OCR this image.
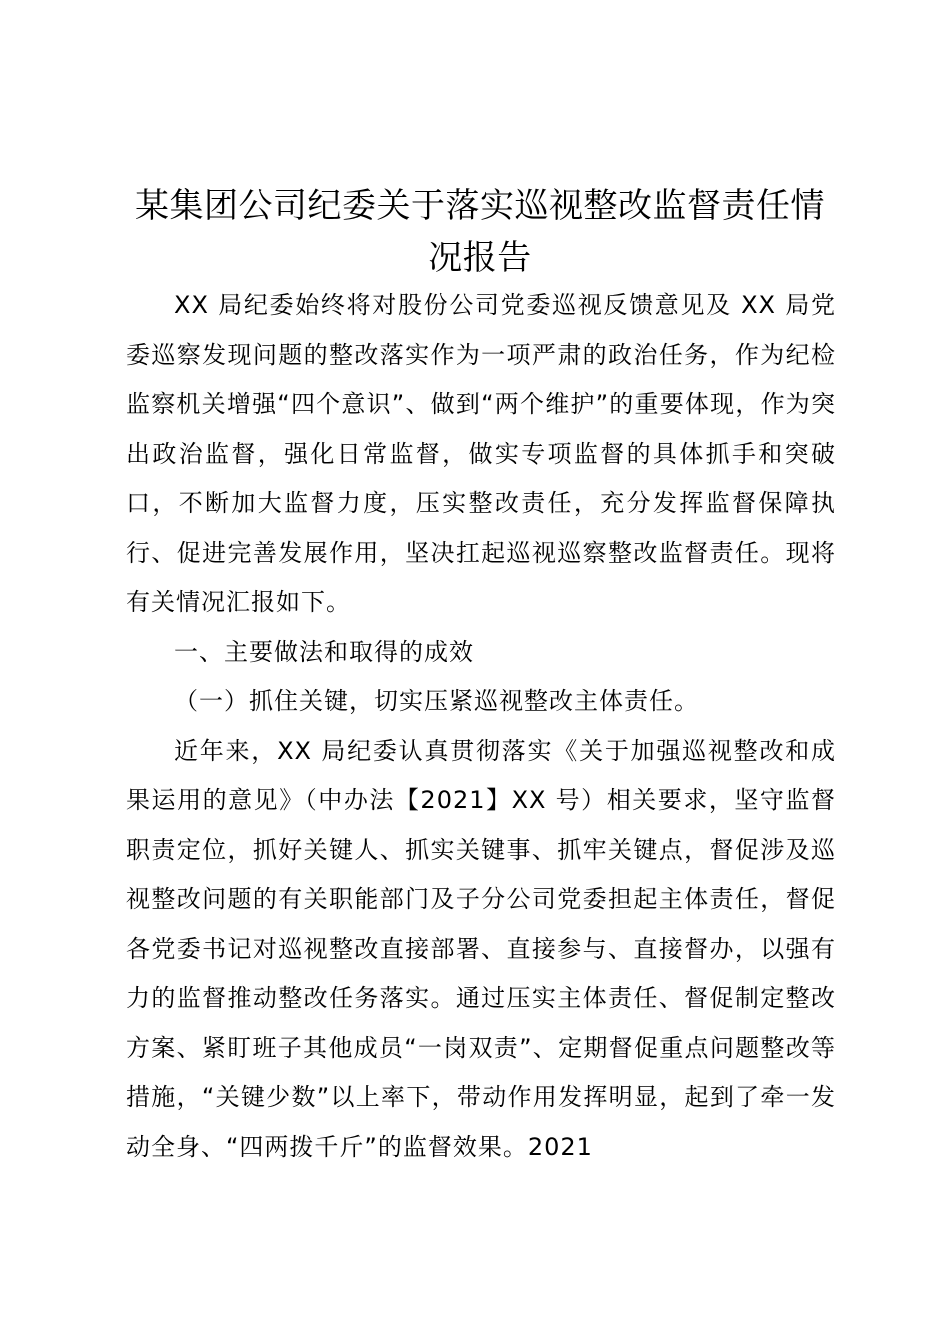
某集团公司纪委关于落实巡视整改监督责任情
况报告

XX 局纪委始终将对股份公司党委巡视反馈意见及 XX 局党委巡察发现问题的整改落实作为一项严肃的政治任务，作为纪检监察机关增强“四个意识”、做到“两个维护”的重要体现，作为突出政治监督，强化日常监督，做实专项监督的具体抓手和突破口，不断加大监督力度，压实整改责任，充分发挥监督保障执行、促进完善发展作用，坚决扛起巡视巡察整改监督责任。现将有关情况汇报如下。

一、主要做法和取得的成效

（一）抓住关键，切实压紧巡视整改主体责任。

近年来，XX 局纪委认真贯彻落实《关于加强巡视整改和成果运用的意见》（中办法【2021】XX 号）相关要求，坚守监督职责定位，抓好关键人、抓实关键事、抓牢关键点，督促涉及巡视整改问题的有关职能部门及子分公司党委担起主体责任，督促各党委书记对巡视整改直接部署、直接参与、直接督办，以强有力的监督推动整改任务落实。通过压实主体责任、督促制定整改方案、紧盯班子其他成员“一岗双责”、定期督促重点问题整改等措施，“关键少数”以上率下，带动作用发挥明显，起到了牵一发动全身、“四两拨千斤”的监督效果。2021
